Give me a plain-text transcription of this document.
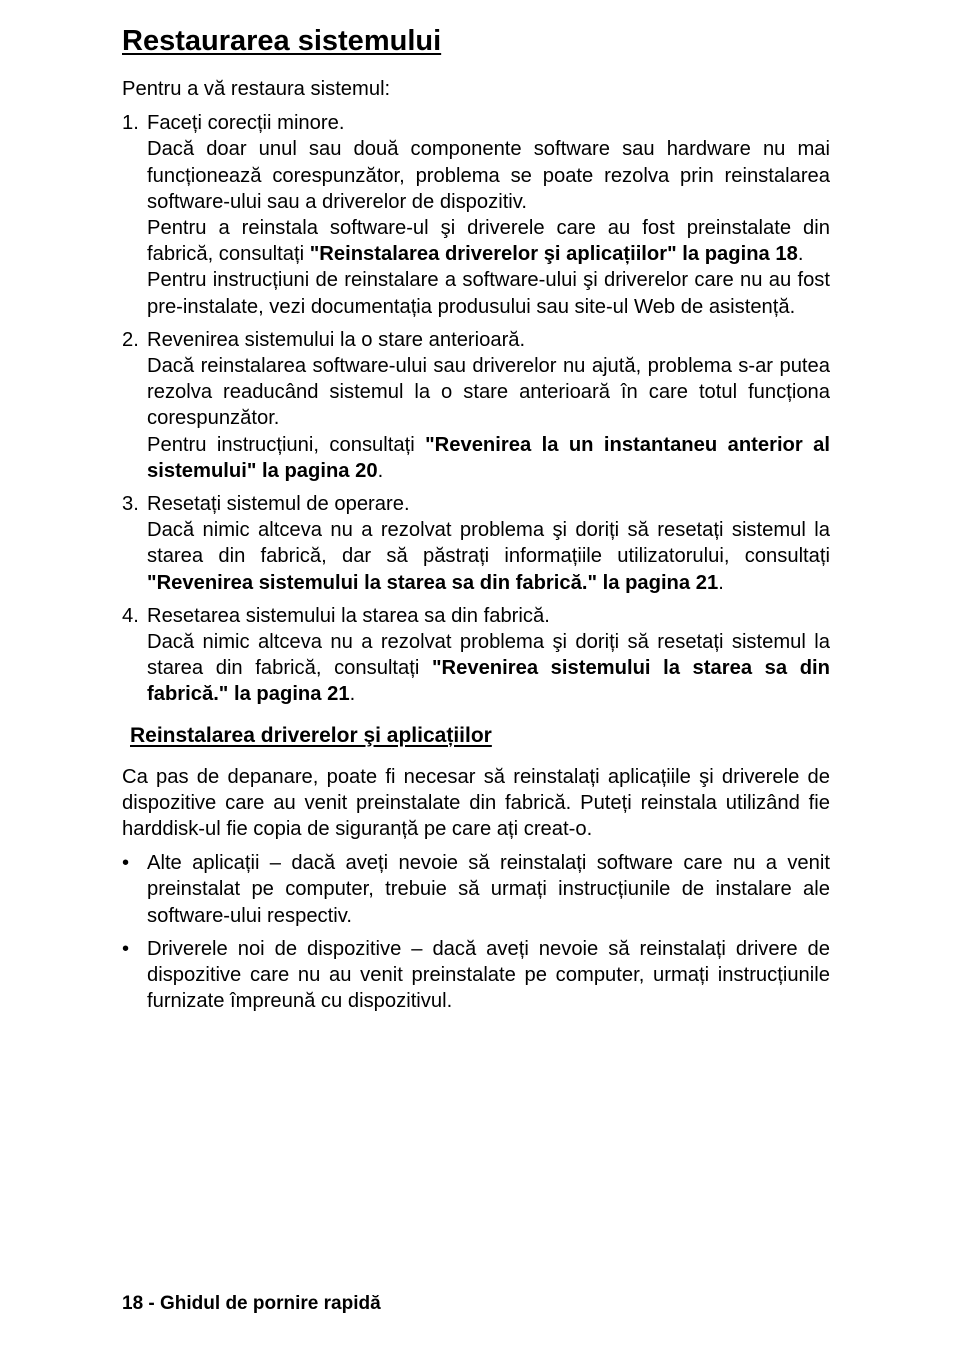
Restaurarea sistemului

Pentru a vă restaura sistemul:

1. Faceți corecții minore.

Dacă doar unul sau două componente software sau hardware nu mai funcționează corespunzător, problema se poate rezolva prin reinstalarea software-ului sau a driverelor de dispozitiv.

Pentru a reinstala software-ul şi driverele care au fost preinstalate din fabrică, consultați "Reinstalarea driverelor şi aplicațiilor" la pagina 18.

Pentru instrucțiuni de reinstalare a software-ului şi driverelor care nu au fost pre-instalate, vezi documentația produsului sau site-ul Web de asistență.

2. Revenirea sistemului la o stare anterioară.

Dacă reinstalarea software-ului sau driverelor nu ajută, problema s-ar putea rezolva readucând sistemul la o stare anterioară în care totul funcționa corespunzător.

Pentru instrucțiuni, consultați "Revenirea la un instantaneu anterior al sistemului" la pagina 20.

3. Resetați sistemul de operare.

Dacă nimic altceva nu a rezolvat problema şi doriți să resetați sistemul la starea din fabrică, dar să păstrați informațiile utilizatorului, consultați "Revenirea sistemului la starea sa din fabrică." la pagina 21.

4. Resetarea sistemului la starea sa din fabrică.

Dacă nimic altceva nu a rezolvat problema şi doriți să resetați sistemul la starea din fabrică, consultați "Revenirea sistemului la starea sa din fabrică." la pagina 21.

Reinstalarea driverelor şi aplicațiilor

Ca pas de depanare, poate fi necesar să reinstalați aplicațiile şi driverele de dispozitive care au venit preinstalate din fabrică. Puteți reinstala utilizând fie harddisk-ul fie copia de siguranță pe care ați creat-o.

• Alte aplicații – dacă aveți nevoie să reinstalați software care nu a venit preinstalat pe computer, trebuie să urmați instrucțiunile de instalare ale software-ului respectiv.

• Driverele noi de dispozitive – dacă aveți nevoie să reinstalați drivere de dispozitive care nu au venit preinstalate pe computer, urmați instrucțiunile furnizate împreună cu dispozitivul.

18 - Ghidul de pornire rapidă
